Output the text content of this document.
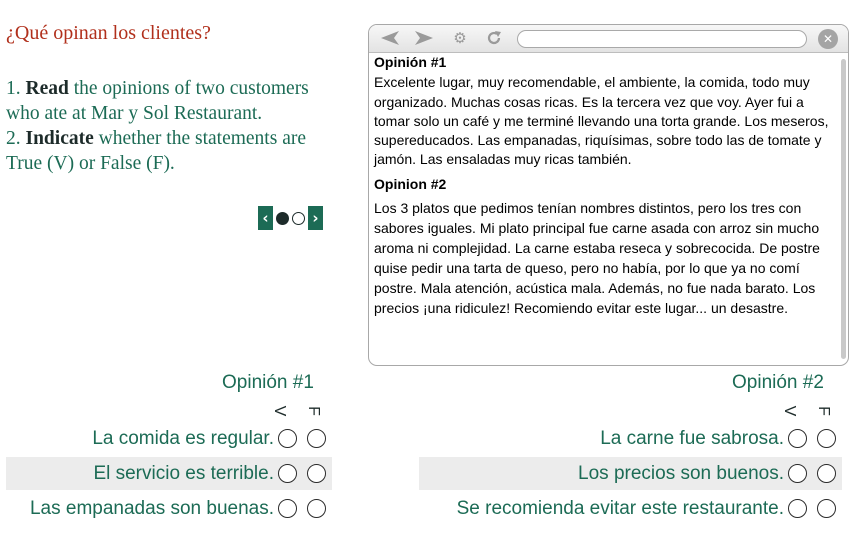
¿Qué opinan los clientes?
1. Read the opinions of two customers who ate at Mar y Sol Restaurant.
2. Indicate whether the statements are True (V) or False (F).
‹	›
⚙	✕

Opinión #1

Excelente lugar, muy recomendable, el ambiente, la comida, todo muy organizado. Muchas cosas ricas. Es la tercera vez que voy. Ayer fui a tomar solo un café y me terminé llevando una torta grande. Los meseros, supereducados. Las empanadas, riquísimas, sobre todo las de tomate y jamón. Las ensaladas muy ricas también.

Opinion #2

Los 3 platos que pedimos tenían nombres distintos, pero los tres con sabores iguales. Mi plato principal fue carne asada con arroz sin mucho aroma ni complejidad. La carne estaba reseca y sobrecocida. De postre quise pedir una tarta de queso, pero no había, por lo que ya no comí postre. Mala atención, acústica mala. Además, no fue nada barato. Los precios ¡una ridiculez! Recomiendo evitar este lugar... un desastre.

Opinión #1
V F
La comida es regular.
El servicio es terrible.
Las empanadas son buenas.
Opinión #2
V F
La carne fue sabrosa.
Los precios son buenos.
Se recomienda evitar este restaurante.
